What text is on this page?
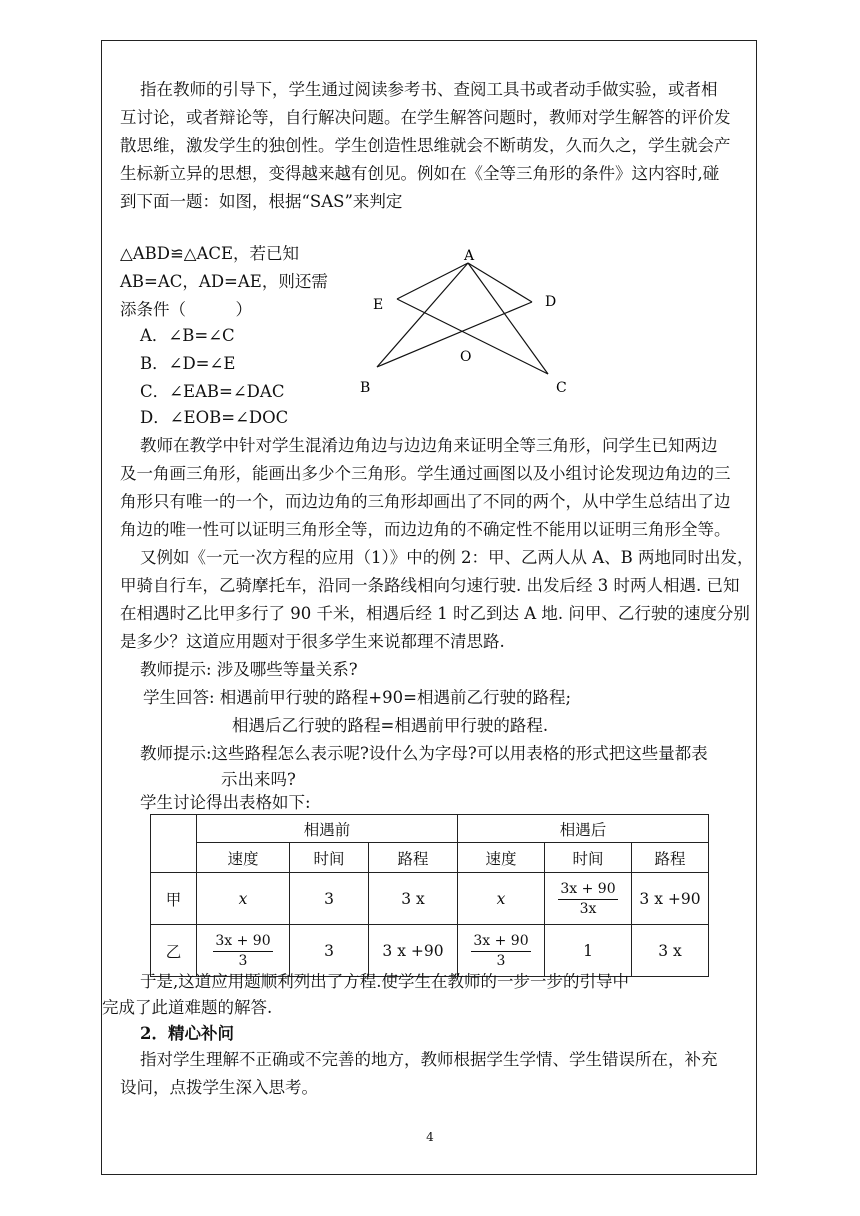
指在教师的引导下，学生通过阅读参考书、查阅工具书或者动手做实验，或者相
互讨论，或者辩论等，自行解决问题。在学生解答问题时，教师对学生解答的评价发
散思维，激发学生的独创性。学生创造性思维就会不断萌发，久而久之，学生就会产
生标新立异的思想，变得越来越有创见。例如在《全等三角形的条件》这内容时,碰
到下面一题：如图，根据“SAS”来判定
△ABD≌△ACE，若已知
AB=AC，AD=AE，则还需
添条件（　　　）
A．∠B=∠C
B．∠D=∠E
C．∠EAB=∠DAC
D．∠EOB=∠DOC
A
E	D
O
B	C
教师在教学中针对学生混淆边角边与边边角来证明全等三角形，问学生已知两边
及一角画三角形，能画出多少个三角形。学生通过画图以及小组讨论发现边角边的三
角形只有唯一的一个，而边边角的三角形却画出了不同的两个，从中学生总结出了边
角边的唯一性可以证明三角形全等，而边边角的不确定性不能用以证明三角形全等。
又例如《一元一次方程的应用（1）》中的例 2：甲、乙两人从 A、B 两地同时出发，
甲骑自行车，乙骑摩托车，沿同一条路线相向匀速行驶. 出发后经 3 时两人相遇. 已知
在相遇时乙比甲多行了 90 千米，相遇后经 1 时乙到达 A 地. 问甲、乙行驶的速度分别
是多少？这道应用题对于很多学生来说都理不清思路.
教师提示: 涉及哪些等量关系?
学生回答: 相遇前甲行驶的路程+90=相遇前乙行驶的路程;
相遇后乙行驶的路程=相遇前甲行驶的路程.
教师提示:这些路程怎么表示呢?设什么为字母?可以用表格的形式把这些量都表
示出来吗?
学生讨论得出表格如下:
	相遇前			相遇后		
	速度	时间	路程	速度	时间	路程
甲	x	3	3 x	x	$\frac{3x + 90}{3x}$	3 x +90
乙	$\frac{3x + 90}{3}$	3	3 x +90	$\frac{3x + 90}{3}$	1	3 x
于是,这道应用题顺利列出了方程.使学生在教师的一步一步的引导中
完成了此道难题的解答.
2．精心补问
指对学生理解不正确或不完善的地方，教师根据学生学情、学生错误所在，补充
设问，点拨学生深入思考。
4
